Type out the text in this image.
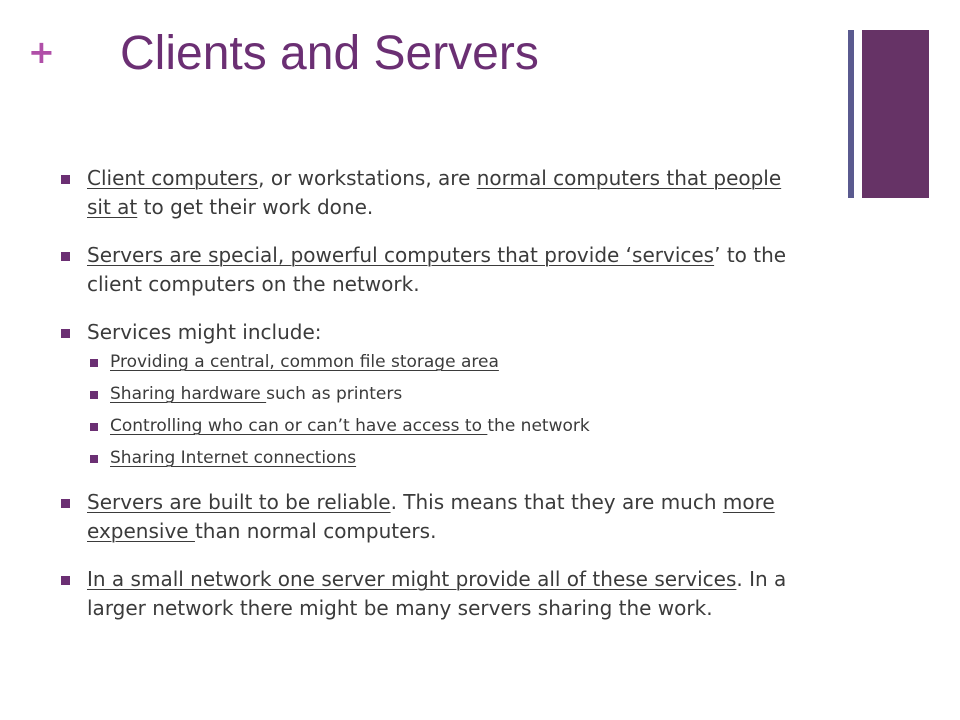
+ Clients and Servers

Client computers, or workstations, are normal computers that people sit at to get their work done.

Servers are special, powerful computers that provide ‘services’ to the client computers on the network.

Services might include:

Providing a central, common file storage area

Sharing hardware such as printers

Controlling who can or can’t have access to the network

Sharing Internet connections

Servers are built to be reliable. This means that they are much more expensive than normal computers.

In a small network one server might provide all of these services. In a larger network there might be many servers sharing the work.
